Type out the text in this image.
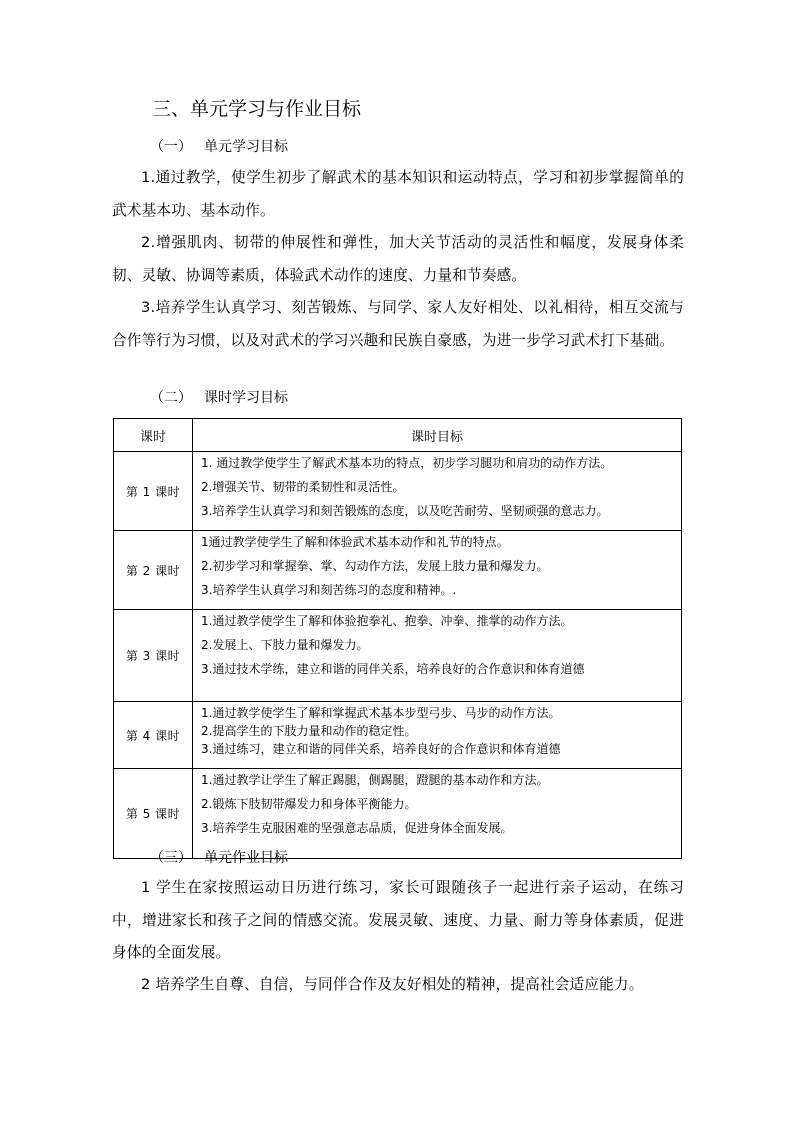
三、单元学习与作业目标
（一） 单元学习目标

1.通过教学，使学生初步了解武术的基本知识和运动特点，学习和初步掌握简单的武术基本功、基本动作。

2.增强肌肉、韧带的伸展性和弹性，加大关节活动的灵活性和幅度，发展身体柔韧、灵敏、协调等素质，体验武术动作的速度、力量和节奏感。

3.培养学生认真学习、刻苦锻炼、与同学、家人友好相处、以礼相待，相互交流与合作等行为习惯，以及对武术的学习兴趣和民族自豪感，为进一步学习武术打下基础。

（二） 课时学习目标
课时	课时目标
第 1 课时	1. 通过教学使学生了解武术基本功的特点，初步学习腿功和肩功的动作方法。
2.增强关节、韧带的柔韧性和灵活性。
3.培养学生认真学习和刻苦锻炼的态度，以及吃苦耐劳、坚韧顽强的意志力。

第 2 课时	1通过教学使学生了解和体验武术基本动作和礼节的特点。
2.初步学习和掌握拳、掌、勾动作方法，发展上肢力量和爆发力。
3.培养学生认真学习和刻苦练习的态度和精神。.

第 3 课时	1.通过教学使学生了解和体验抱拳礼、抱拳、冲拳、推掌的动作方法。
2.发展上、下肢力量和爆发力。
3.通过技术学练，建立和谐的同伴关系，培养良好的合作意识和体育道德

第 4 课时	1.通过教学使学生了解和掌握武术基本步型弓步、马步的动作方法。
2.提高学生的下肢力量和动作的稳定性。
3.通过练习，建立和谐的同伴关系，培养良好的合作意识和体育道德

第 5 课时	1.通过教学让学生了解正踢腿，侧踢腿，蹬腿的基本动作和方法。
2.锻炼下肢韧带爆发力和身体平衡能力。
3.培养学生克服困难的坚强意志品质，促进身体全面发展。
（三） 单元作业目标

1 学生在家按照运动日历进行练习，家长可跟随孩子一起进行亲子运动，在练习中，增进家长和孩子之间的情感交流。发展灵敏、速度、力量、耐力等身体素质，促进身体的全面发展。

2 培养学生自尊、自信，与同伴合作及友好相处的精神，提高社会适应能力。
